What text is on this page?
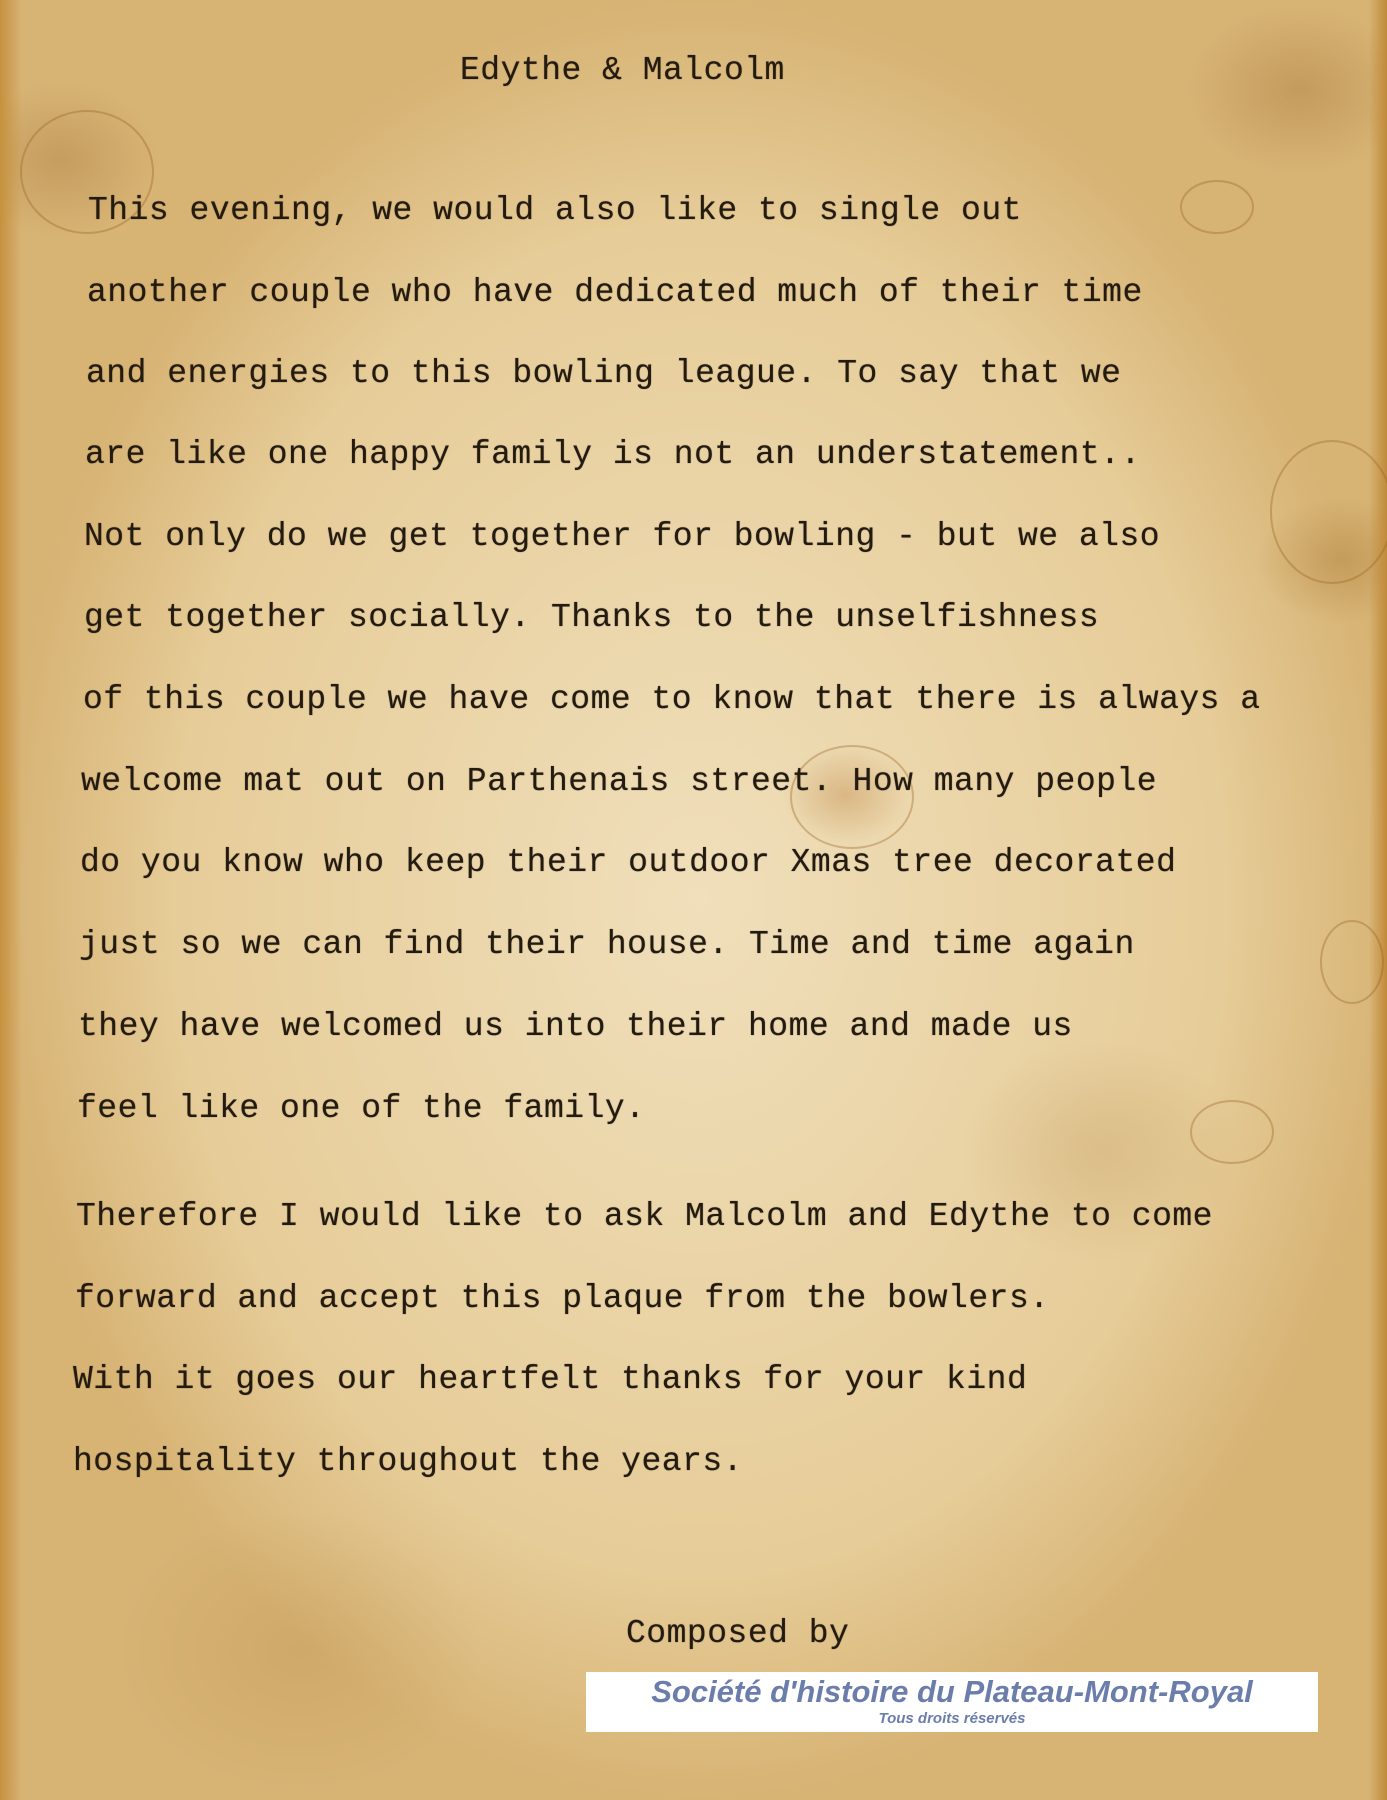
Edythe & Malcolm
This evening, we would also like to single out
another couple who have dedicated much of their time
and energies to this bowling league. To say that we
are like one happy family is not an understatement..
Not only do we get together for bowling - but we also
get together socially. Thanks to the unselfishness
of this couple we have come to know that there is always a
welcome mat out on Parthenais street. How many people
do you know who keep their outdoor Xmas tree decorated
just so we can find their house. Time and time again
they have welcomed us into their home and made us
feel like one of the family.
Therefore I would like to ask Malcolm and Edythe to come
forward and accept this plaque from the bowlers.
With it goes our heartfelt thanks for your kind
hospitality throughout the years.
Composed by
Société d'histoire du Plateau-Mont-Royal
Tous droits réservés
